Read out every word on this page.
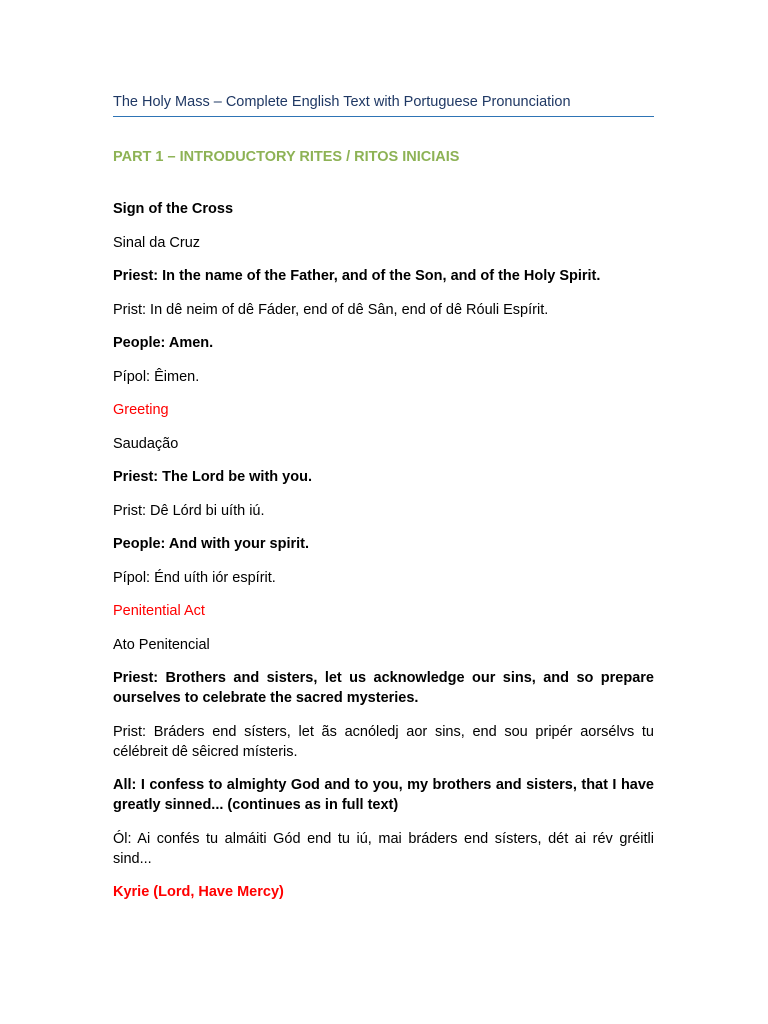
The Holy Mass – Complete English Text with Portuguese Pronunciation
PART 1 – INTRODUCTORY RITES / RITOS INICIAIS

Sign of the Cross

Sinal da Cruz

Priest: In the name of the Father, and of the Son, and of the Holy Spirit.

Prist: In dê neim of dê Fáder, end of dê Sân, end of dê Róuli Espírit.

People: Amen.

Pípol: Êimen.

Greeting

Saudação

Priest: The Lord be with you.

Prist: Dê Lórd bi uíth iú.

People: And with your spirit.

Pípol: Énd uíth iór espírit.

Penitential Act

Ato Penitencial

Priest: Brothers and sisters, let us acknowledge our sins, and so prepare ourselves to celebrate the sacred mysteries.

Prist: Bráders end sísters, let ãs acnóledj aor sins, end sou pripér aorsélvs tu célébreit dê sêicred místeris.

All: I confess to almighty God and to you, my brothers and sisters, that I have greatly sinned... (continues as in full text)

Ól: Ai confés tu almáiti Gód end tu iú, mai bráders end sísters, dét ai rév gréitli sind...

Kyrie (Lord, Have Mercy)
